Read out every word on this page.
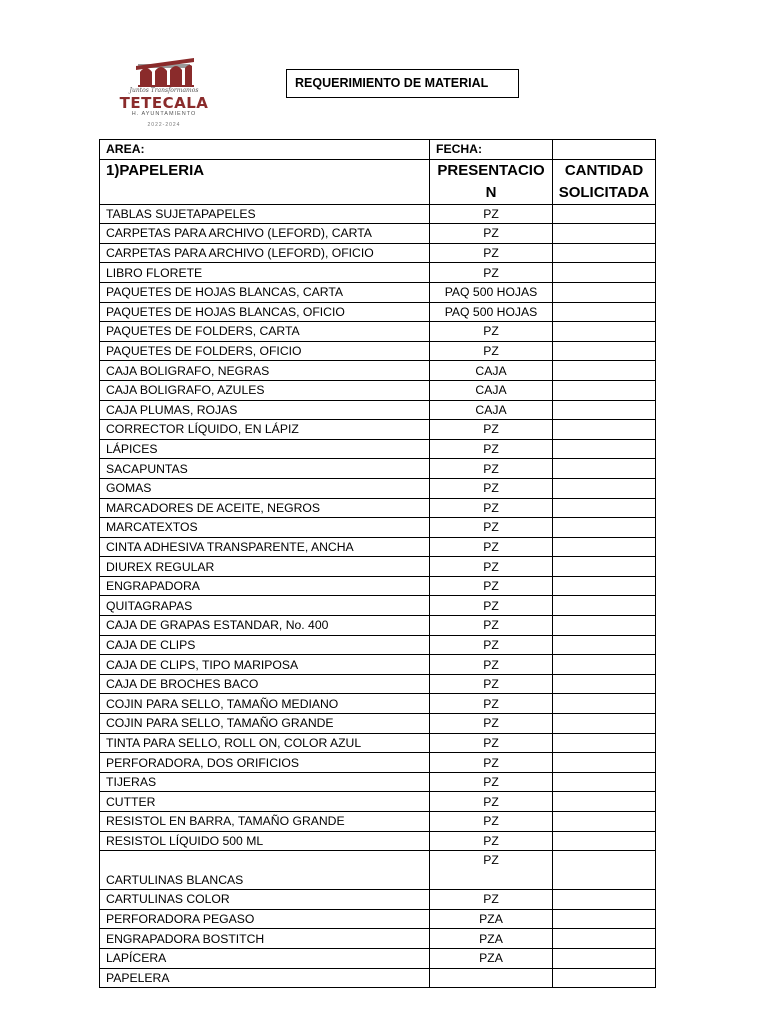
Juntos Transformamos
TETECALA
H. AYUNTAMIENTO
2022-2024
REQUERIMIENTO DE MATERIAL
AREA:	FECHA:	
1)PAPELERIA	PRESENTACIO N	CANTIDAD SOLICITADA
TABLAS SUJETAPAPELES	PZ	
CARPETAS PARA ARCHIVO (LEFORD), CARTA	PZ	
CARPETAS PARA ARCHIVO (LEFORD), OFICIO	PZ	
LIBRO FLORETE	PZ	
PAQUETES DE HOJAS BLANCAS, CARTA	PAQ 500 HOJAS	
PAQUETES DE HOJAS BLANCAS, OFICIO	PAQ 500 HOJAS	
PAQUETES DE FOLDERS, CARTA	PZ	
PAQUETES DE FOLDERS, OFICIO	PZ	
CAJA BOLIGRAFO, NEGRAS	CAJA	
CAJA BOLIGRAFO, AZULES	CAJA	
CAJA PLUMAS, ROJAS	CAJA	
CORRECTOR LÍQUIDO, EN LÁPIZ	PZ	
LÁPICES	PZ	
SACAPUNTAS	PZ	
GOMAS	PZ	
MARCADORES DE ACEITE, NEGROS	PZ	
MARCATEXTOS	PZ	
CINTA ADHESIVA TRANSPARENTE, ANCHA	PZ	
DIUREX REGULAR	PZ	
ENGRAPADORA	PZ	
QUITAGRAPAS	PZ	
CAJA DE GRAPAS ESTANDAR, No. 400	PZ	
CAJA DE CLIPS	PZ	
CAJA DE CLIPS, TIPO MARIPOSA	PZ	
CAJA DE BROCHES BACO	PZ	
COJIN PARA SELLO, TAMAÑO MEDIANO	PZ	
COJIN PARA SELLO, TAMAÑO GRANDE	PZ	
TINTA PARA SELLO, ROLL ON, COLOR AZUL	PZ	
PERFORADORA, DOS ORIFICIOS	PZ	
TIJERAS	PZ	
CUTTER	PZ	
RESISTOL EN BARRA, TAMAÑO GRANDE	PZ	
RESISTOL LÍQUIDO 500 ML	PZ	
CARTULINAS BLANCAS	PZ	
CARTULINAS COLOR	PZ	
PERFORADORA PEGASO	PZA	
ENGRAPADORA BOSTITCH	PZA	
LAPÍCERA	PZA	
PAPELERA		
